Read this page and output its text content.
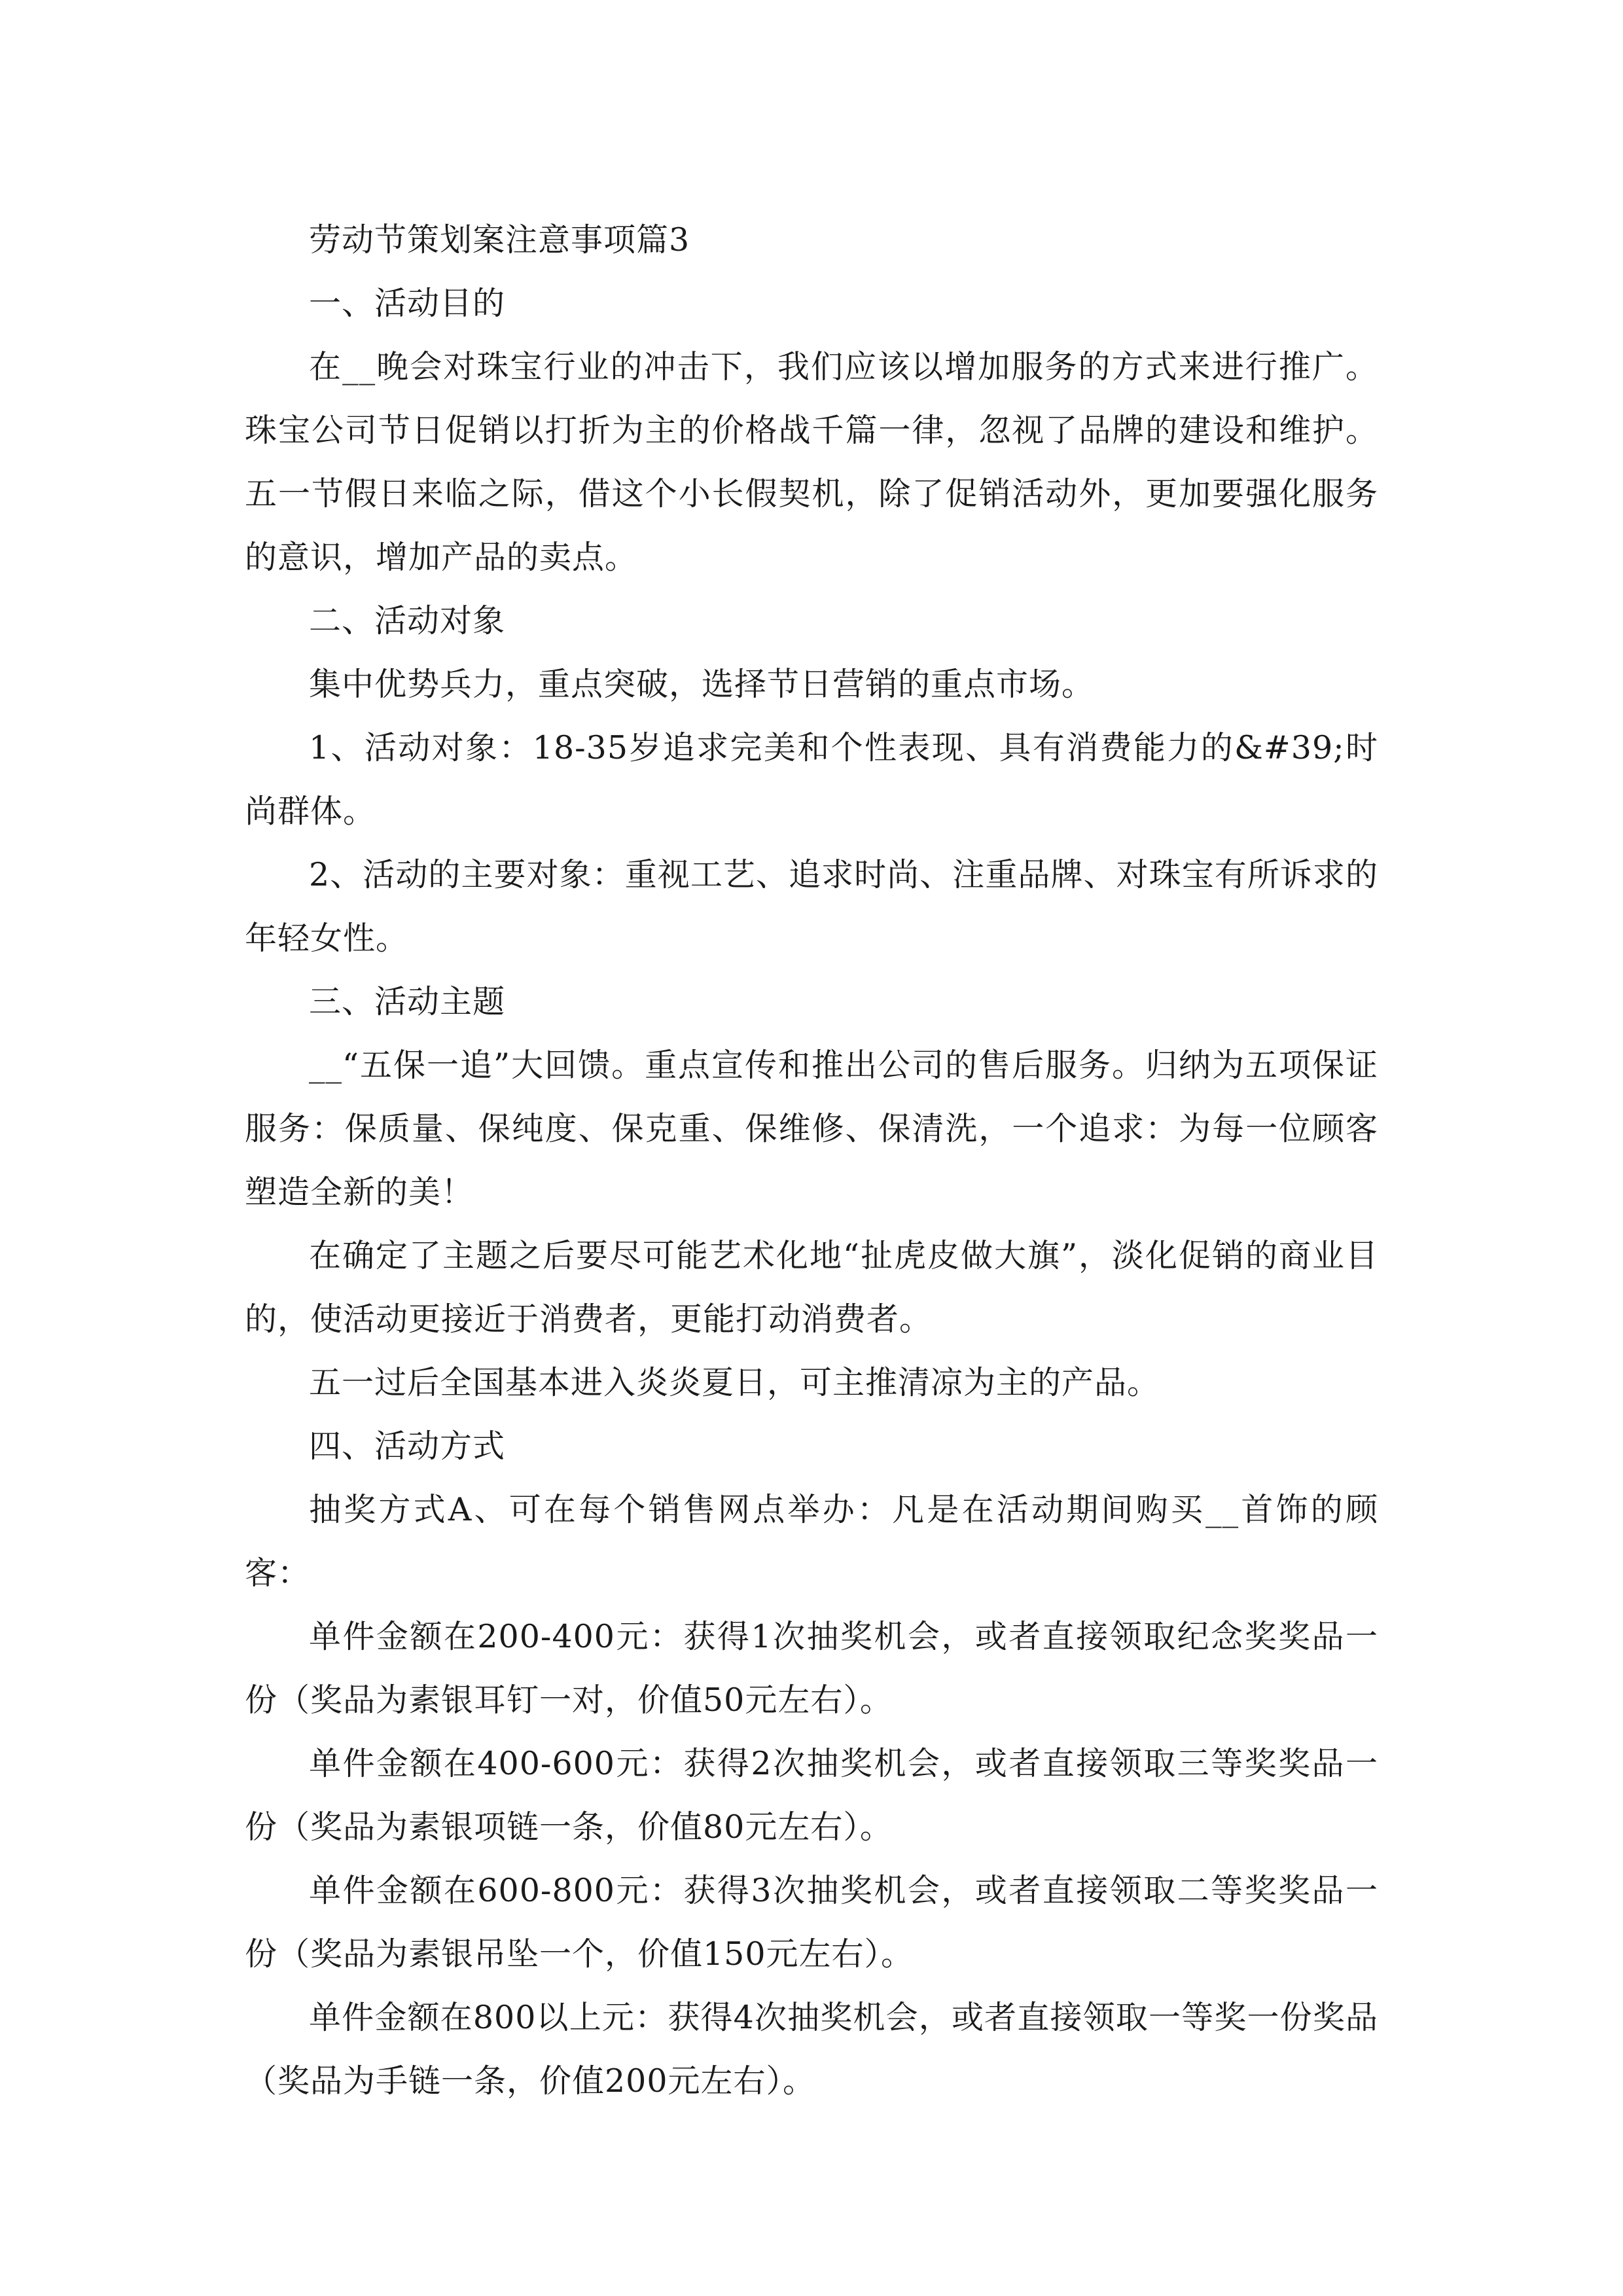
劳动节策划案注意事项篇3

一、活动目的

在__晚会对珠宝行业的冲击下，我们应该以增加服务的方式来进行推广。珠宝公司节日促销以打折为主的价格战千篇一律，忽视了品牌的建设和维护。五一节假日来临之际，借这个小长假契机，除了促销活动外，更加要强化服务的意识，增加产品的卖点。

二、活动对象

集中优势兵力，重点突破，选择节日营销的重点市场。

1、活动对象：18-35岁追求完美和个性表现、具有消费能力的&#39;时尚群体。

2、活动的主要对象：重视工艺、追求时尚、注重品牌、对珠宝有所诉求的年轻女性。

三、活动主题

__“五保一追”大回馈。重点宣传和推出公司的售后服务。归纳为五项保证服务：保质量、保纯度、保克重、保维修、保清洗，一个追求：为每一位顾客塑造全新的美！

在确定了主题之后要尽可能艺术化地“扯虎皮做大旗”，淡化促销的商业目的，使活动更接近于消费者，更能打动消费者。

五一过后全国基本进入炎炎夏日，可主推清凉为主的产品。

四、活动方式

抽奖方式A、可在每个销售网点举办：凡是在活动期间购买__首饰的顾客：

单件金额在200-400元：获得1次抽奖机会，或者直接领取纪念奖奖品一份（奖品为素银耳钉一对，价值50元左右）。

单件金额在400-600元：获得2次抽奖机会，或者直接领取三等奖奖品一份（奖品为素银项链一条，价值80元左右）。

单件金额在600-800元：获得3次抽奖机会，或者直接领取二等奖奖品一份（奖品为素银吊坠一个，价值150元左右）。

单件金额在800以上元：获得4次抽奖机会，或者直接领取一等奖一份奖品（奖品为手链一条，价值200元左右）。
